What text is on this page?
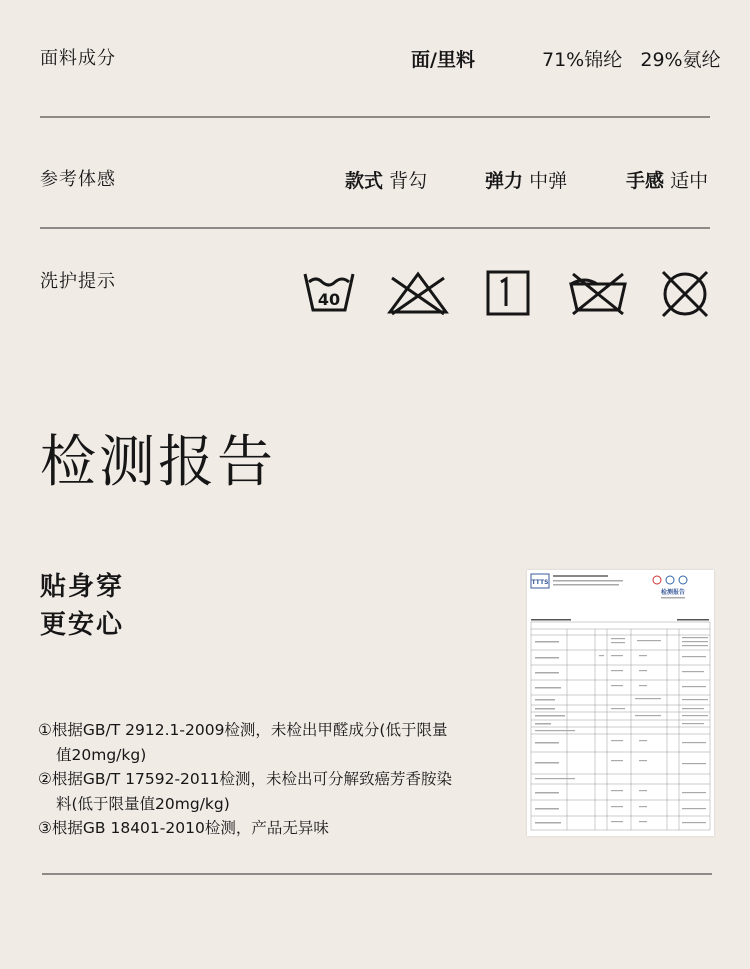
面料成分	面/里料	71%锦纶   29%氨纶
参考体感	款式 背勾	弹力 中弹	手感 适中
洗护提示
40
检测报告
贴身穿
更安心

①根据GB/T 2912.1-2009检测，未检出甲醛成分(低于限量值20mg/kg)

②根据GB/T 17592-2011检测，未检出可分解致癌芳香胺染料(低于限量值20mg/kg)

③根据GB 18401-2010检测，产品无异味

TTTS
检测报告
